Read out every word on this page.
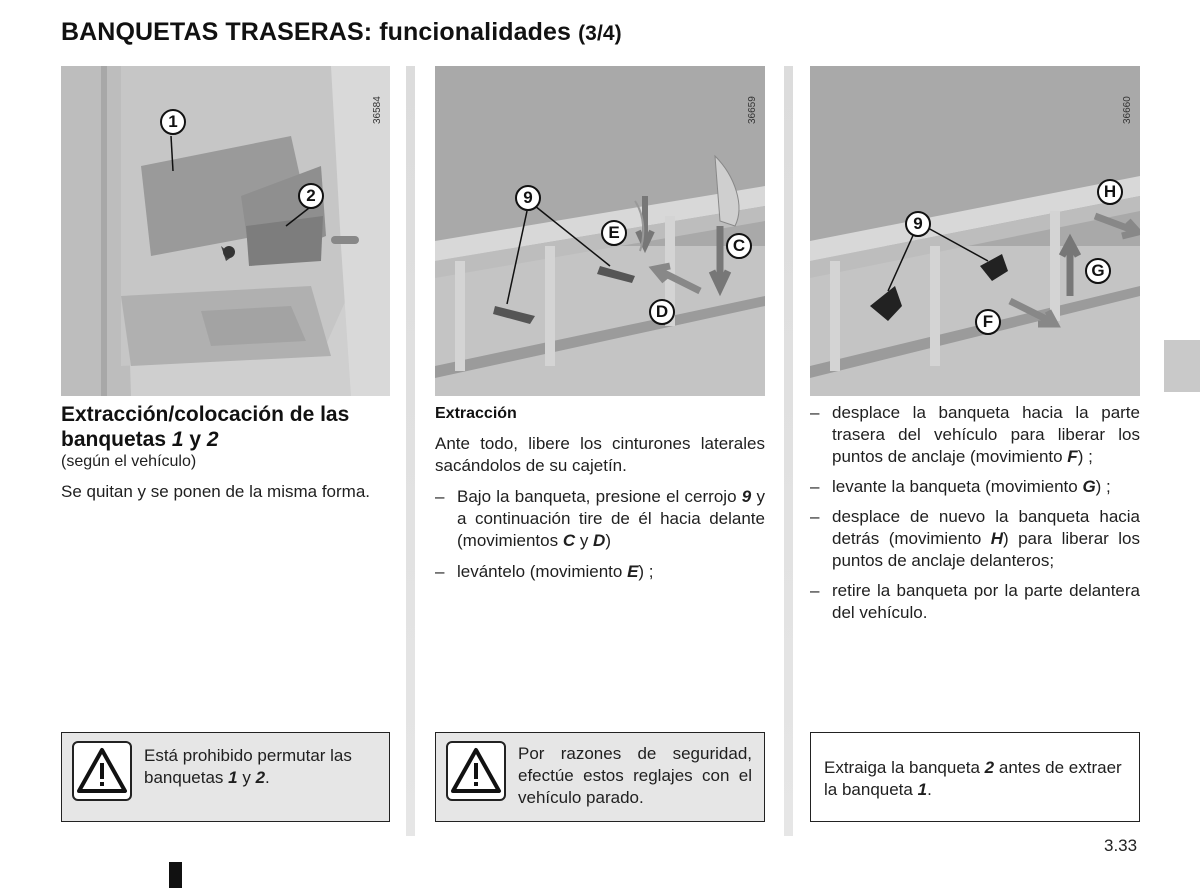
BANQUETAS TRASERAS: funcionalidades (3/4)
1
2
36584
9
E
C
D
36659
9
H
G
F
36660
Extracción/colocación de las banquetas 1 y 2

(según el vehículo)

Se quitan y se ponen de la misma forma.

Extracción

Ante todo, libere los cinturones laterales sacándolos de su cajetín.

– Bajo la banqueta, presione el cerrojo 9 y a continuación tire de él hacia delante (movimientos C y D)
– levántelo (movimiento E) ;
– desplace la banqueta hacia la parte trasera del vehículo para liberar los puntos de anclaje (movimiento F) ;
– levante la banqueta (movimiento G) ;
– desplace de nuevo la banqueta hacia detrás (movimiento H) para liberar los puntos de anclaje delanteros;
– retire la banqueta por la parte delantera del vehículo.
Está prohibido permutar las banquetas 1 y 2.
Por razones de seguridad, efectúe estos reglajes con el vehículo parado.
Extraiga la banqueta 2 antes de extraer la banqueta 1.
3.33
